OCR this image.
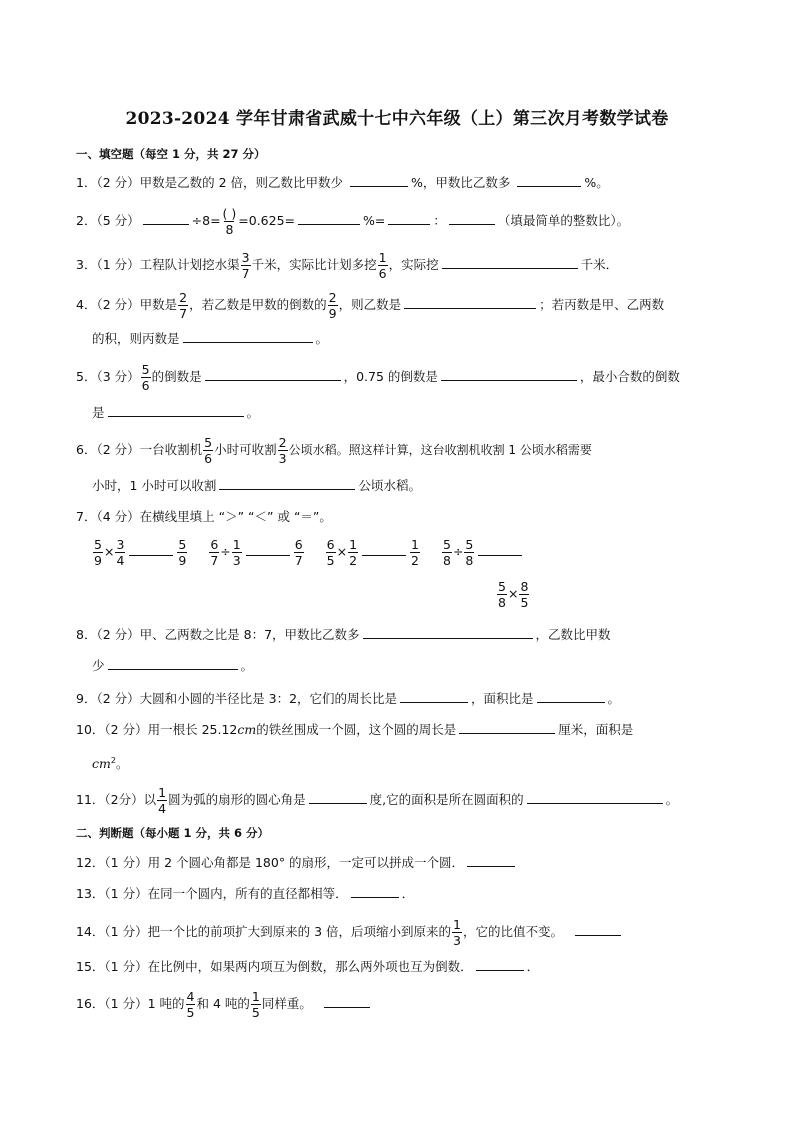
2023-2024 学年甘肃省武威十七中六年级（上）第三次月考数学试卷
一、填空题（每空 1 分，共 27 分）
1．（2 分）甲数是乙数的 2 倍，则乙数比甲数少	%，甲数比乙数多	%。
2．（5 分）	$\div 8= \frac{( )}{8} =0.625=$	%=	：	（填最简单的整数比）。
3．（1 分）工程队计划挖水渠 $\frac{3}{7}$ 千米，实际比计划多挖 $\frac{1}{6}$ ，实际挖	千米．
4．（2 分）甲数是 $\frac{2}{7}$ ，若乙数是甲数的倒数的 $\frac{2}{9}$ ，则乙数是	；若丙数是甲、乙两数
的积，则丙数是	。
5．（3 分） $\frac{5}{6}$ 的倒数是	，0.75 的倒数是	，最小合数的倒数
是	。
6．（2 分）一台收割机 $\frac{5}{6}$ 小时可收割 $\frac{2}{3}$ 公顷水稻。照这样计算，这台收割机收割 1 公顷水稻需要
小时，1 小时可以收割	公顷水稻。
7．（4 分）在横线里填上 “＞” “＜” 或 “＝”。
$\frac{5}{9} \times \frac{3}{4}$	$\frac{5}{9}$
$\frac{6}{7} \div \frac{1}{3}$	$\frac{6}{7}$
$\frac{6}{5} \times \frac{1}{2}$	$\frac{1}{2}$
$\frac{5}{8} \div \frac{5}{8}$
$\frac{5}{8} \times \frac{8}{5}$
8．（2 分）甲、乙两数之比是 8：7，甲数比乙数多	，乙数比甲数
少	。
9．（2 分）大圆和小圆的半径比是 3：2，它们的周长比是	，面积比是	。
10．（2 分）用一根长 25.12cm的铁丝围成一个圆，这个圆的周长是	厘米，面积是
$cm^2$。
11．（2分）以 $\frac{1}{4}$ 圆为弧的扇形的圆心角是	度,它的面积是所在圆面积的	。
二、判断题（每小题 1 分，共 6 分）
12．（1 分）用 2 个圆心角都是 180° 的扇形，一定可以拼成一个圆．
13．（1 分）在同一个圆内，所有的直径都相等．	．
14．（1 分）把一个比的前项扩大到原来的 3 倍，后项缩小到原来的 $\frac{1}{3}$ ，它的比值不变。
15．（1 分）在比例中，如果两内项互为倒数，那么两外项也互为倒数．	．
16．（1 分）1 吨的 $\frac{4}{5}$ 和 4 吨的 $\frac{1}{5}$ 同样重。
